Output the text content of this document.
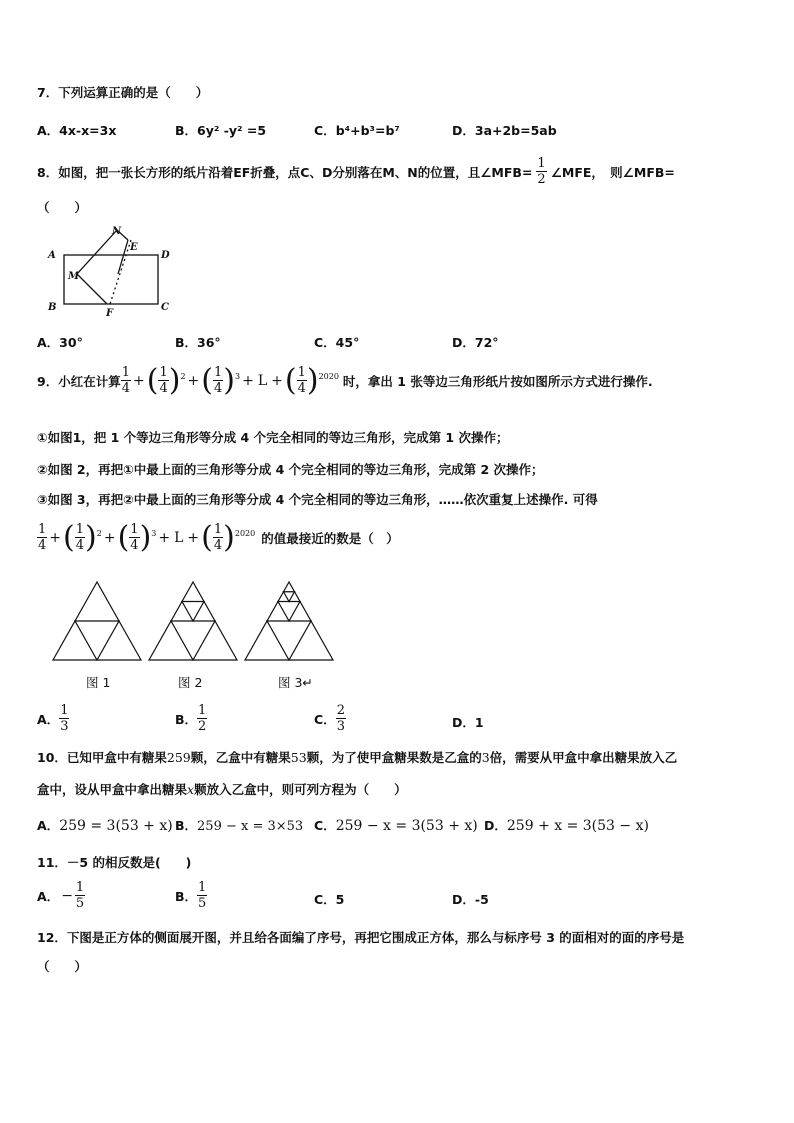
7．下列运算正确的是（　　）
A．4x-x=3x	B．6y² -y² =5	C．b⁴+b³=b⁷	D．3a+2b=5ab
8．如图，把一张长方形的纸片沿着EF折叠，点C、D分别落在M、N的位置，且∠MFB= $\frac{1}{2}$ ∠MFE，　则∠MFB=
（　　）
A
B	C
D
E
F
M
N
A．30°	B．36°	C．45°	D．72°
9．小红在计算 $\frac{1}{4}$ + ( $\frac{1}{4}$ ) 2 + ( $\frac{1}{4}$ ) 3 + L + ( $\frac{1}{4}$ ) 2020 时，拿出 1 张等边三角形纸片按如图所示方式进行操作.
①如图1，把 1 个等边三角形等分成 4 个完全相同的等边三角形，完成第 1 次操作；
②如图 2，再把①中最上面的三角形等分成 4 个完全相同的等边三角形，完成第 2 次操作；
③如图 3，再把②中最上面的三角形等分成 4 个完全相同的等边三角形，……依次重复上述操作. 可得
$\frac{1}{4}$ + ( $\frac{1}{4}$ ) 2 + ( $\frac{1}{4}$ ) 3 + L + ( $\frac{1}{4}$ ) 2020 的值最接近的数是（　）
图 1	图 2	图 3↵
A． $\frac{1}{3}$	B． $\frac{1}{2}$	C． $\frac{2}{3}$	D．1
10．已知甲盒中有糖果259颗，乙盒中有糖果53颗，为了使甲盒糖果数是乙盒的3倍，需要从甲盒中拿出糖果放入乙
盒中，设从甲盒中拿出糖果x颗放入乙盒中，则可列方程为（　　）
A．259 = 3(53 + x) B．259 − x = 3×53 C．259 − x = 3(53 + x) D．259 + x = 3(53 − x)
11．－5 的相反数是(　　)
A． − $\frac{1}{5}$	B． $\frac{1}{5}$	C．5	D．-5
12．下图是正方体的侧面展开图，并且给各面编了序号，再把它围成正方体，那么与标序号 3 的面相对的面的序号是
（　　）
